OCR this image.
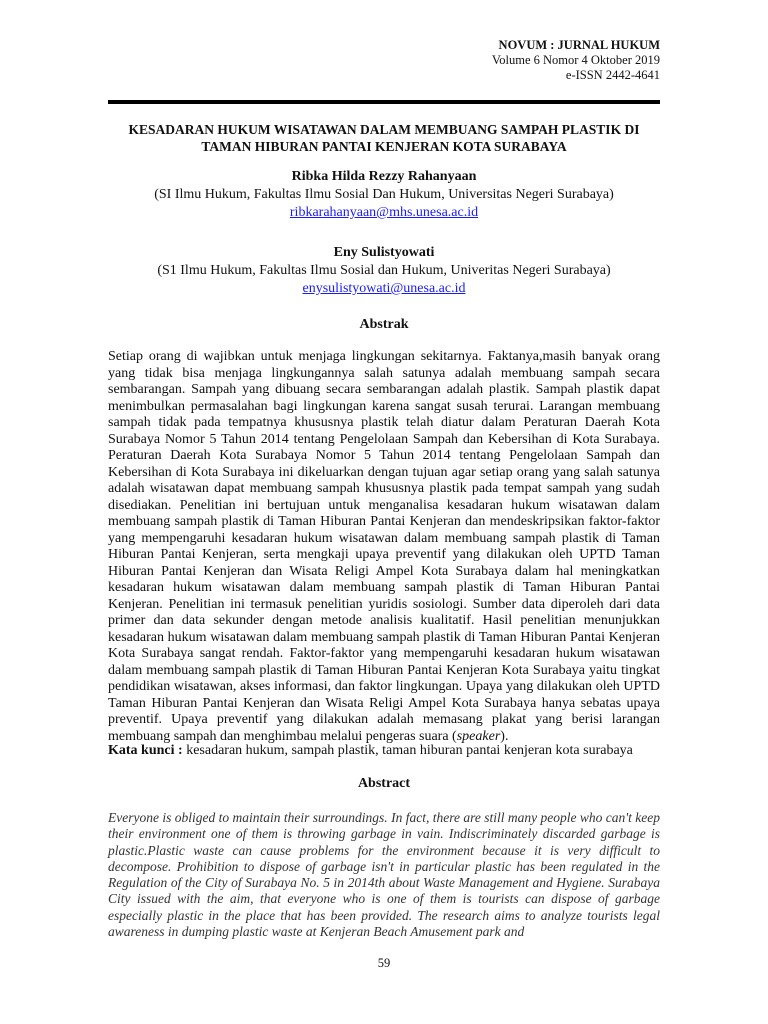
NOVUM : JURNAL HUKUM
Volume 6 Nomor 4 Oktober 2019
e-ISSN 2442-4641
KESADARAN HUKUM WISATAWAN DALAM MEMBUANG SAMPAH PLASTIK DI
TAMAN HIBURAN PANTAI KENJERAN KOTA SURABAYA
Ribka Hilda Rezzy Rahanyaan
(SI Ilmu Hukum, Fakultas Ilmu Sosial Dan Hukum, Universitas Negeri Surabaya)
ribkarahanyaan@mhs.unesa.ac.id
Eny Sulistyowati
(S1 Ilmu Hukum, Fakultas Ilmu Sosial dan Hukum, Univeritas Negeri Surabaya)
enysulistyowati@unesa.ac.id
Abstrak
Setiap orang di wajibkan untuk menjaga lingkungan sekitarnya. Faktanya,masih banyak orang yang tidak bisa menjaga lingkungannya salah satunya adalah membuang sampah secara sembarangan. Sampah yang dibuang secara sembarangan adalah plastik. Sampah plastik dapat menimbulkan permasalahan bagi lingkungan karena sangat susah terurai. Larangan membuang sampah tidak pada tempatnya khususnya plastik telah diatur dalam Peraturan Daerah Kota Surabaya Nomor 5 Tahun 2014 tentang Pengelolaan Sampah dan Kebersihan di Kota Surabaya. Peraturan Daerah Kota Surabaya Nomor 5 Tahun 2014 tentang Pengelolaan Sampah dan Kebersihan di Kota Surabaya ini dikeluarkan dengan tujuan agar setiap orang yang salah satunya adalah wisatawan dapat membuang sampah khususnya plastik pada tempat sampah yang sudah disediakan. Penelitian ini bertujuan untuk menganalisa kesadaran hukum wisatawan dalam membuang sampah plastik di Taman Hiburan Pantai Kenjeran dan mendeskripsikan faktor-faktor yang mempengaruhi kesadaran hukum wisatawan dalam membuang sampah plastik di Taman Hiburan Pantai Kenjeran, serta mengkaji upaya preventif yang dilakukan oleh UPTD Taman Hiburan Pantai Kenjeran dan Wisata Religi Ampel Kota Surabaya dalam hal meningkatkan kesadaran hukum wisatawan dalam membuang sampah plastik di Taman Hiburan Pantai Kenjeran. Penelitian ini termasuk penelitian yuridis sosiologi. Sumber data diperoleh dari data primer dan data sekunder dengan metode analisis kualitatif. Hasil penelitian menunjukkan kesadaran hukum wisatawan dalam membuang sampah plastik di Taman Hiburan Pantai Kenjeran Kota Surabaya sangat rendah. Faktor-faktor yang mempengaruhi kesadaran hukum wisatawan dalam membuang sampah plastik di Taman Hiburan Pantai Kenjeran Kota Surabaya yaitu tingkat pendidikan wisatawan, akses informasi, dan faktor lingkungan. Upaya yang dilakukan oleh UPTD Taman Hiburan Pantai Kenjeran dan Wisata Religi Ampel Kota Surabaya hanya sebatas upaya preventif. Upaya preventif yang dilakukan adalah memasang plakat yang berisi larangan membuang sampah dan menghimbau melalui pengeras suara (speaker).
Kata kunci : kesadaran hukum, sampah plastik, taman hiburan pantai kenjeran kota surabaya
Abstract
Everyone is obliged to maintain their surroundings. In fact, there are still many people who can't keep their environment one of them is throwing garbage in vain. Indiscriminately discarded garbage is plastic.Plastic waste can cause problems for the environment because it is very difficult to decompose. Prohibition to dispose of garbage isn't in particular plastic has been regulated in the Regulation of the City of Surabaya No. 5 in 2014th about Waste Management and Hygiene. Surabaya City issued with the aim, that everyone who is one of them is tourists can dispose of garbage especially plastic in the place that has been provided. The research aims to analyze tourists legal awareness in dumping plastic waste at Kenjeran Beach Amusement park and
59
